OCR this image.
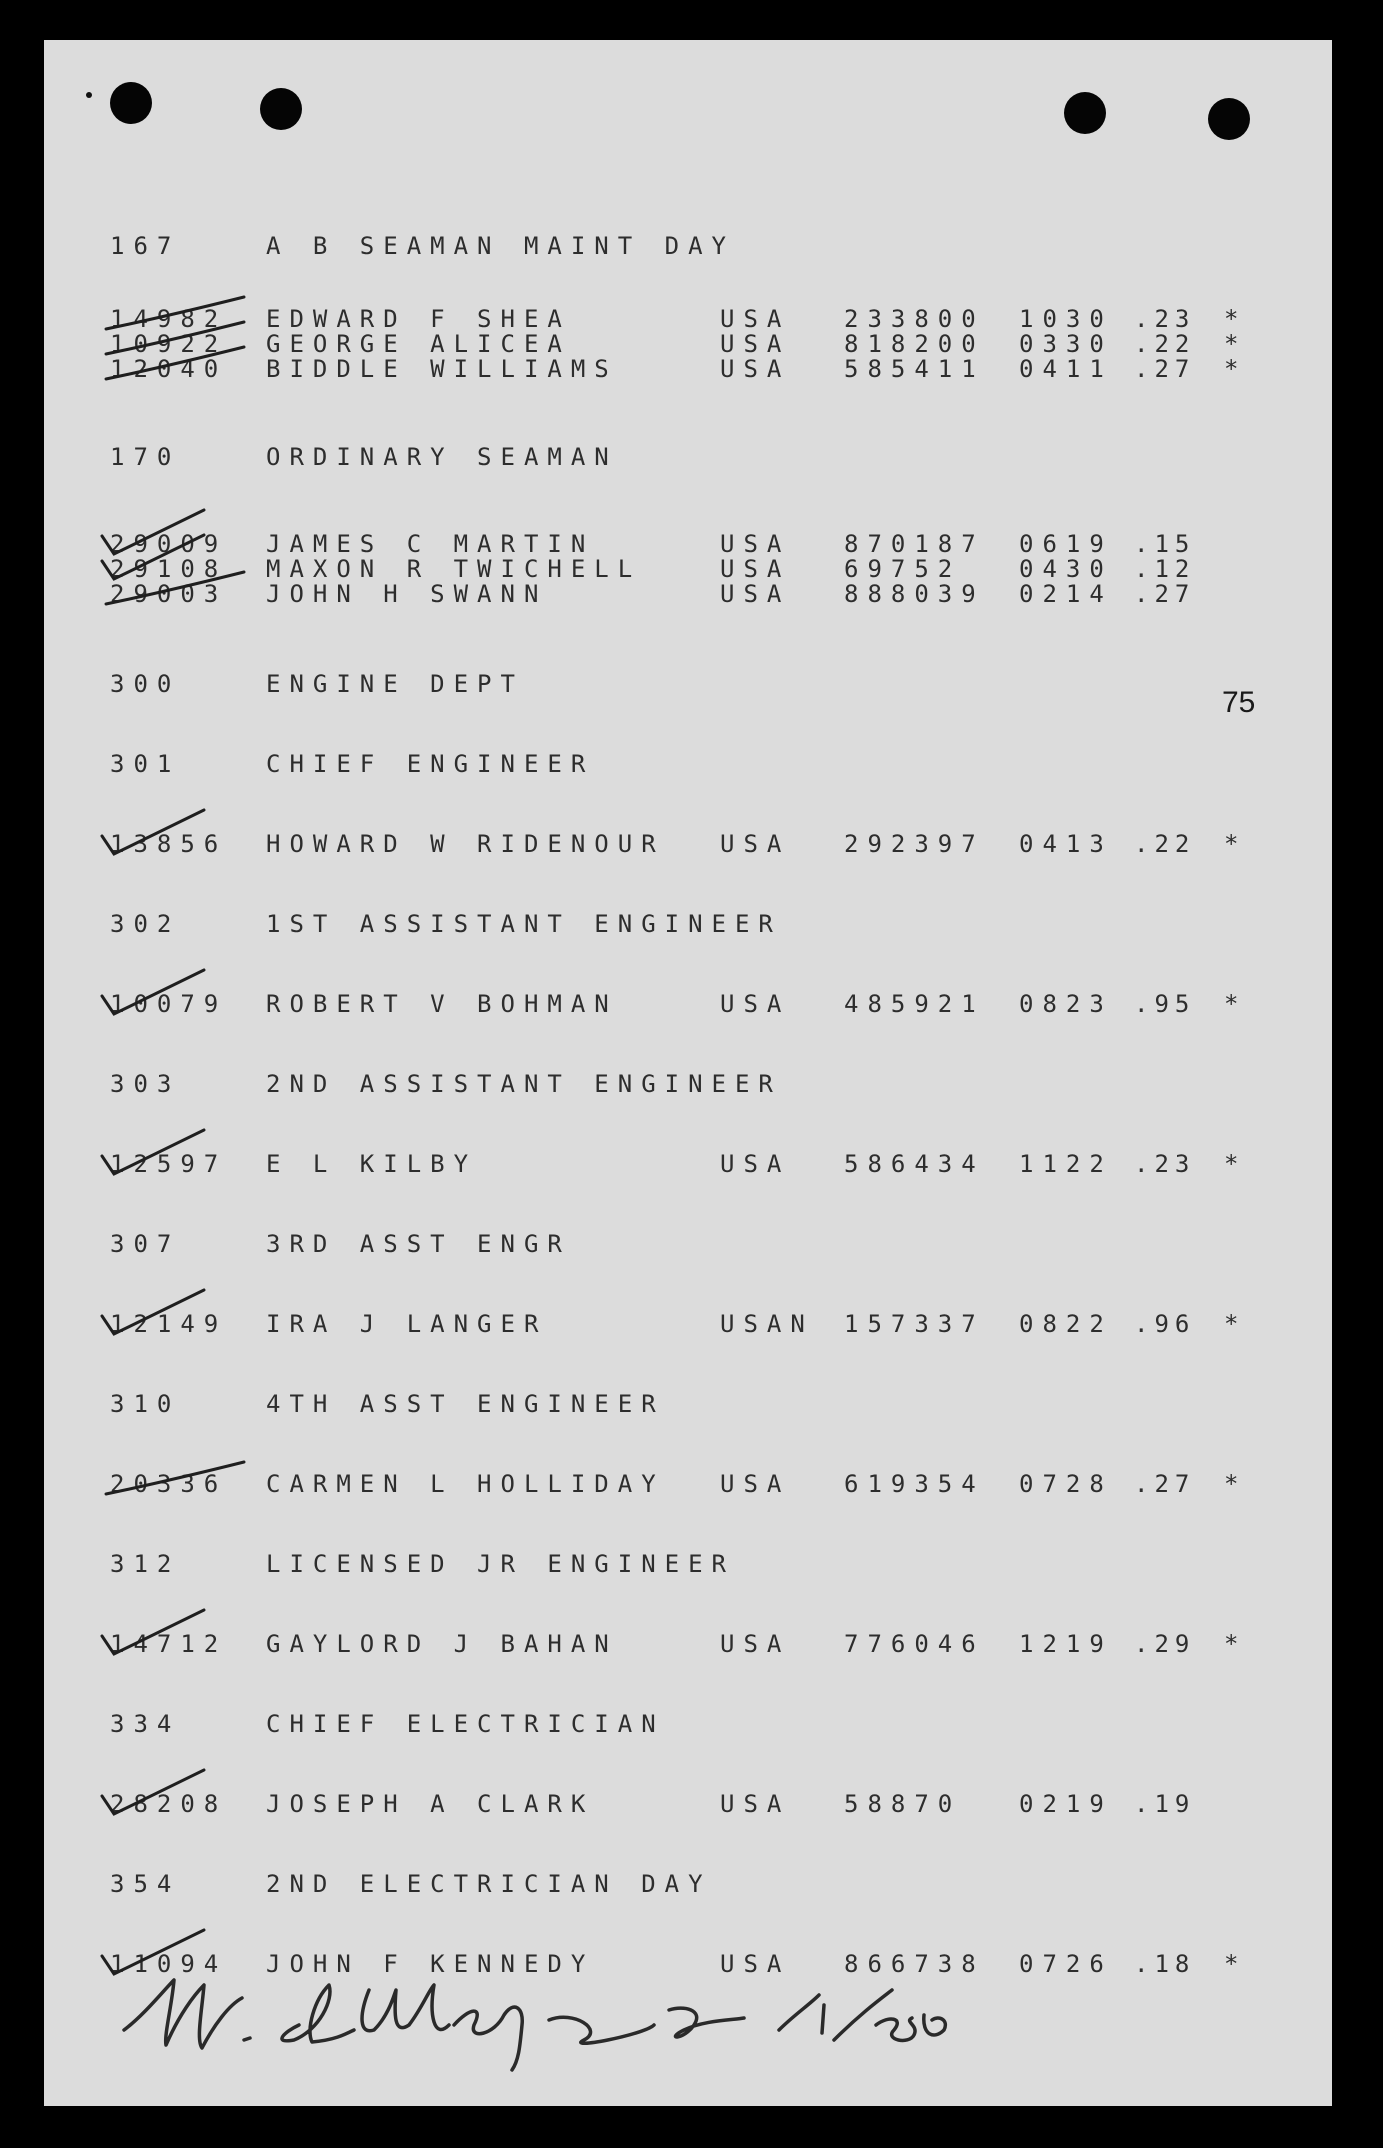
75
167	A B SEAMAN MAINT DAY
14982 EDWARD F SHEA	USA 233800 1030 .23 *
10922 GEORGE ALICEA	USA 818200 0330 .22 *
12040 BIDDLE WILLIAMS	USA 585411 0411 .27 *
170	ORDINARY SEAMAN
29009 JAMES C MARTIN	USA 870187 0619 .15
29108 MAXON R TWICHELL	USA 69752 0430 .12
29003 JOHN H SWANN	USA 888039 0214 .27
300	ENGINE DEPT
301	CHIEF ENGINEER
13856 HOWARD W RIDENOUR USA 292397 0413 .22 *
302	1ST ASSISTANT ENGINEER
10079 ROBERT V BOHMAN	USA 485921 0823 .95 *
303	2ND ASSISTANT ENGINEER
12597 E L KILBY	USA 586434 1122 .23 *
307	3RD ASST ENGR
12149 IRA J LANGER	USAN 157337 0822 .96 *
310	4TH ASST ENGINEER
20336 CARMEN L HOLLIDAY USA 619354 0728 .27 *
312	LICENSED JR ENGINEER
14712 GAYLORD J BAHAN	USA 776046 1219 .29 *
334	CHIEF ELECTRICIAN
28208 JOSEPH A CLARK	USA 58870 0219 .19
354	2ND ELECTRICIAN DAY
11094 JOHN F KENNEDY	USA 866738 0726 .18 *
